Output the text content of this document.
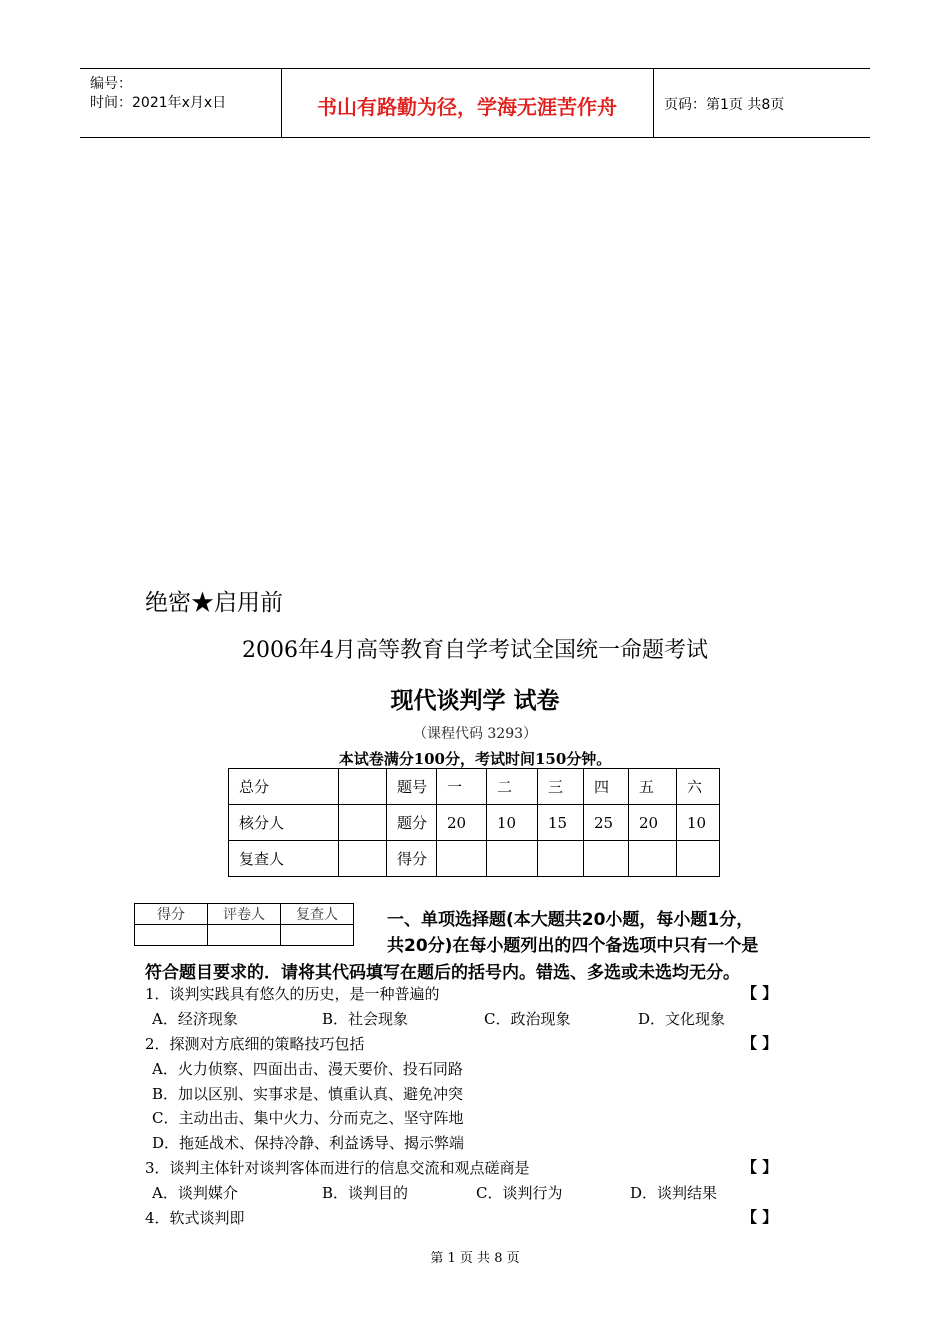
编号：
时间：2021年x月x日	书山有路勤为径，学海无涯苦作舟	页码：第1页 共8页
绝密★启用前
2006年4月高等教育自学考试全国统一命题考试
现代谈判学 试卷
（课程代码 3293）
本试卷满分100分，考试时间150分钟。
总分		题号	一	二	三	四	五	六
核分人		题分	20	10	15	25	20	10
复查人		得分						
得分	评卷人	复查人
			一、单项选择题(本大题共20小题，每小题1分，
共20分)在每小题列出的四个备选项中只有一个是
符合题目要求的．请将其代码填写在题后的括号内。错选、多选或未选均无分。
1．谈判实践具有悠久的历史，是一种普遍的	【 】
A．经济现象	B．社会现象	C．政治现象	D．文化现象
2．探测对方底细的策略技巧包括	【 】
A．火力侦察、四面出击、漫天要价、投石同路
B．加以区别、实事求是、慎重认真、避免冲突
C．主动出击、集中火力、分而克之、坚守阵地
D．拖延战术、保持冷静、利益诱导、揭示弊端
3．谈判主体针对谈判客体而进行的信息交流和观点磋商是	【 】
A．谈判媒介	B．谈判目的	C．谈判行为	D．谈判结果
4．软式谈判即	【 】
第 1 页 共 8 页
